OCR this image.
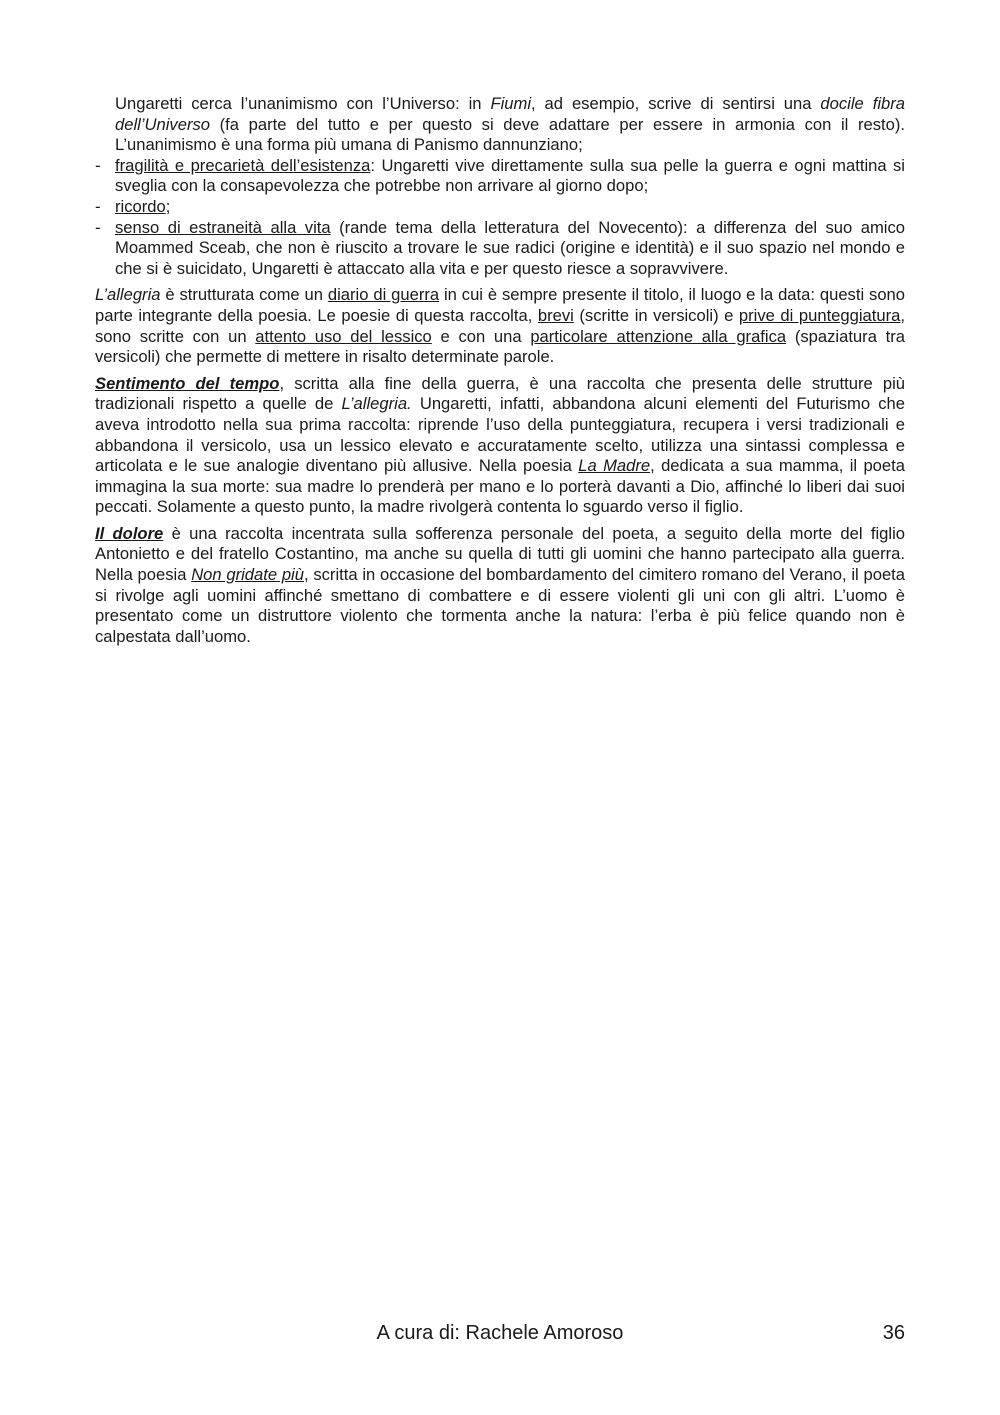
Ungaretti cerca l’unanimismo con l’Universo: in Fiumi, ad esempio, scrive di sentirsi una docile fibra dell’Universo (fa parte del tutto e per questo si deve adattare per essere in armonia con il resto). L’unanimismo è una forma più umana di Panismo dannunziano;
- fragilità e precarietà dell’esistenza: Ungaretti vive direttamente sulla sua pelle la guerra e ogni mattina si sveglia con la consapevolezza che potrebbe non arrivare al giorno dopo;
- ricordo;
- senso di estraneità alla vita (rande tema della letteratura del Novecento): a differenza del suo amico Moammed Sceab, che non è riuscito a trovare le sue radici (origine e identità) e il suo spazio nel mondo e che si è suicidato, Ungaretti è attaccato alla vita e per questo riesce a sopravvivere.
L’allegria è strutturata come un diario di guerra in cui è sempre presente il titolo, il luogo e la data: questi sono parte integrante della poesia. Le poesie di questa raccolta, brevi (scritte in versicoli) e prive di punteggiatura, sono scritte con un attento uso del lessico e con una particolare attenzione alla grafica (spaziatura tra versicoli) che permette di mettere in risalto determinate parole.
Sentimento del tempo, scritta alla fine della guerra, è una raccolta che presenta delle strutture più tradizionali rispetto a quelle de L’allegria. Ungaretti, infatti, abbandona alcuni elementi del Futurismo che aveva introdotto nella sua prima raccolta: riprende l’uso della punteggiatura, recupera i versi tradizionali e abbandona il versicolo, usa un lessico elevato e accuratamente scelto, utilizza una sintassi complessa e articolata e le sue analogie diventano più allusive. Nella poesia La Madre, dedicata a sua mamma, il poeta immagina la sua morte: sua madre lo prenderà per mano e lo porterà davanti a Dio, affinché lo liberi dai suoi peccati. Solamente a questo punto, la madre rivolgerà contenta lo sguardo verso il figlio.
Il dolore è una raccolta incentrata sulla sofferenza personale del poeta, a seguito della morte del figlio Antonietto e del fratello Costantino, ma anche su quella di tutti gli uomini che hanno partecipato alla guerra. Nella poesia Non gridate più, scritta in occasione del bombardamento del cimitero romano del Verano, il poeta si rivolge agli uomini affinché smettano di combattere e di essere violenti gli uni con gli altri. L’uomo è presentato come un distruttore violento che tormenta anche la natura: l’erba è più felice quando non è calpestata dall’uomo.
A cura di: Rachele Amoroso	36
